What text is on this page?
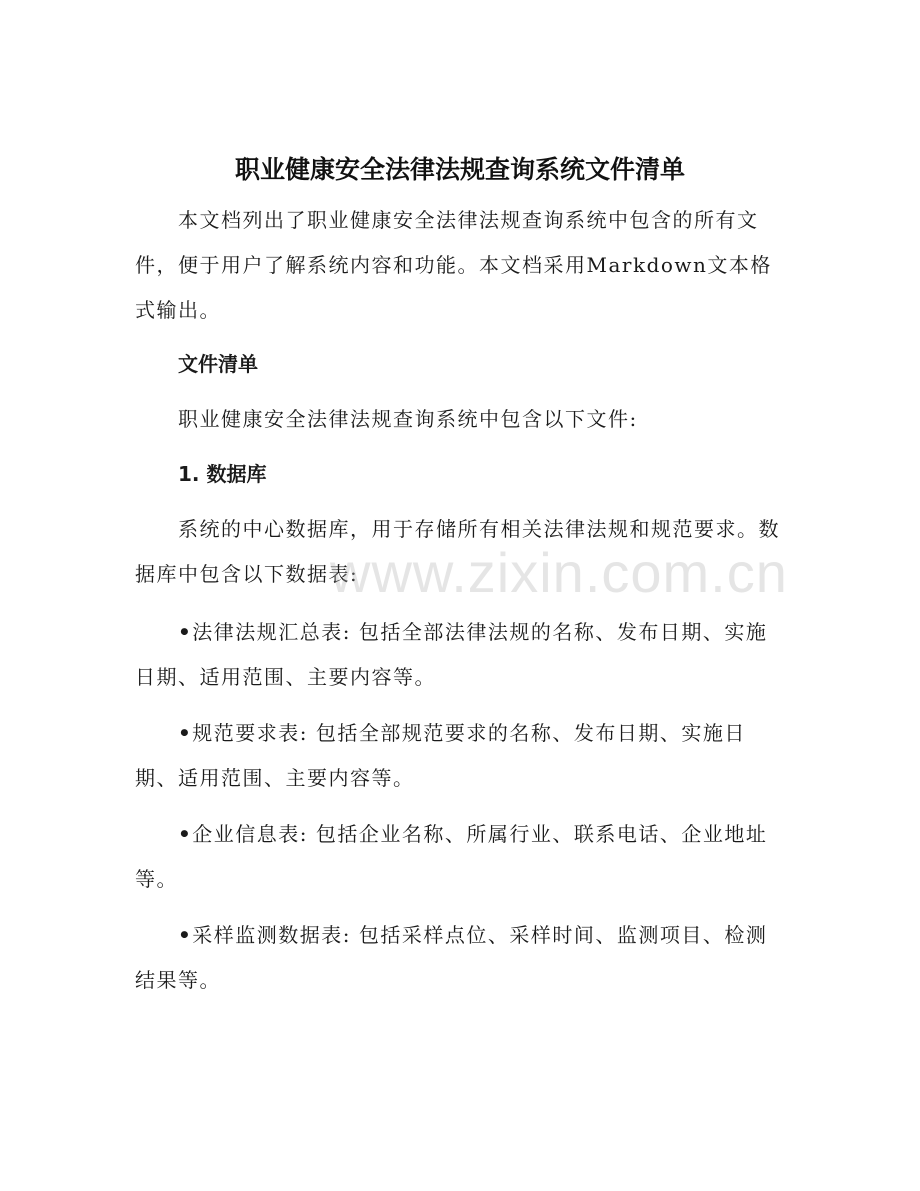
职业健康安全法律法规查询系统文件清单
本文档列出了职业健康安全法律法规查询系统中包含的所有文件，便于用户了解系统内容和功能。本文档采用Markdown文本格式输出。
文件清单
职业健康安全法律法规查询系统中包含以下文件:
1. 数据库
系统的中心数据库，用于存储所有相关法律法规和规范要求。数据库中包含以下数据表:
•法律法规汇总表: 包括全部法律法规的名称、发布日期、实施日期、适用范围、主要内容等。
•规范要求表: 包括全部规范要求的名称、发布日期、实施日期、适用范围、主要内容等。
•企业信息表: 包括企业名称、所属行业、联系电话、企业地址等。
•采样监测数据表: 包括采样点位、采样时间、监测项目、检测结果等。
www.zixin.com.cn
